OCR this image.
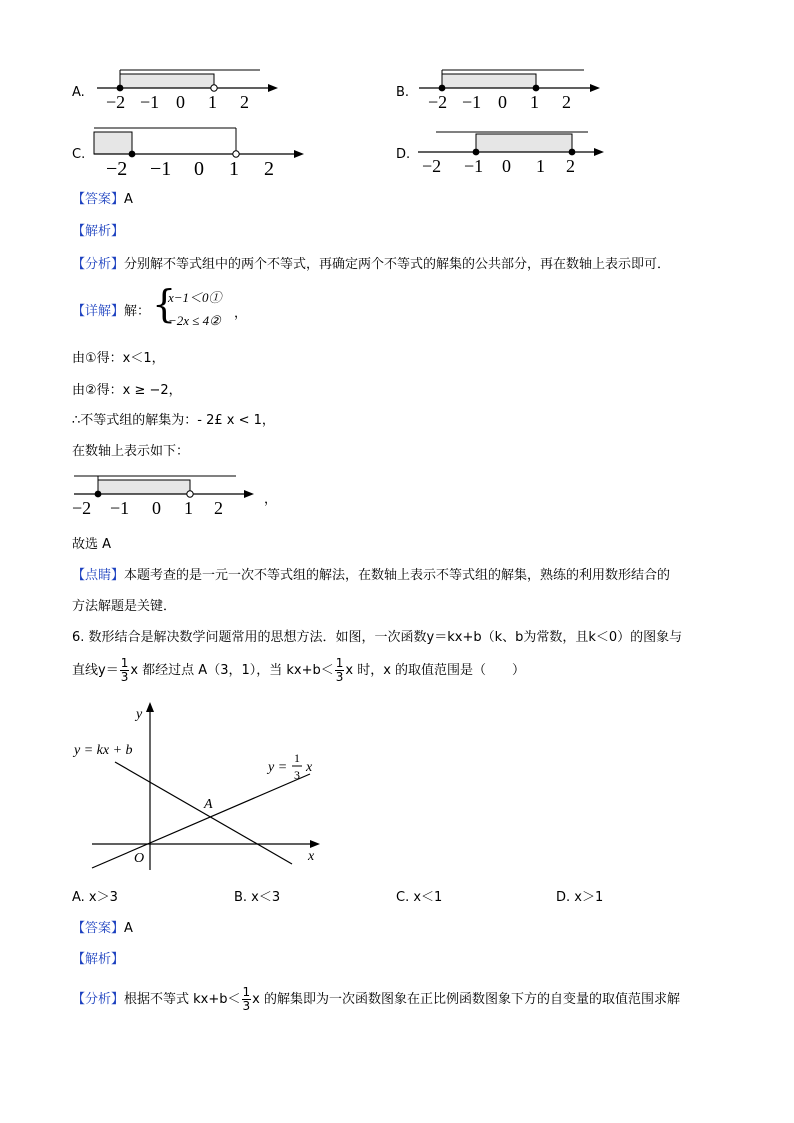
A. −2 −1 0 1 2	B. −2 −1 0 1 2
C.
−2 −1 0 1 2
D.
−2 −1 0 1 2
【答案】A
【解析】
【分析】分别解不等式组中的两个不等式，再确定两个不等式的解集的公共部分，再在数轴上表示即可．
【详解】解： {
x−1＜0①
−2x ≤ 4② ，
由①得：x＜1，
由②得：x ≥ −2，
∴不等式组的解集为：- 2£ x < 1，
在数轴上表示如下：
−2 −1 0 1 2	，
故选 A
【点睛】本题考查的是一元一次不等式组的解法，在数轴上表示不等式组的解集，熟练的利用数形结合的
方法解题是关键．
6. 数形结合是解决数学问题常用的思想方法．如图，一次函数y＝kx+b（k、b为常数，且k＜0）的图象与
直线$y= \frac{1}{3}$ x 都经过点 A（3，1），当 $kx+b< \frac{1}{3}$ x 时，x 的取值范围是（　　）
y
x
O
A
y = kx + b
y =
1
3 x
A. x＞3	B. x＜3	C. x＜1	D. x＞1
【答案】A
【解析】
【分析】根据不等式 $kx+b< \frac{1}{3}$ x 的解集即为一次函数图象在正比例函数图象下方的自变量的取值范围求解
